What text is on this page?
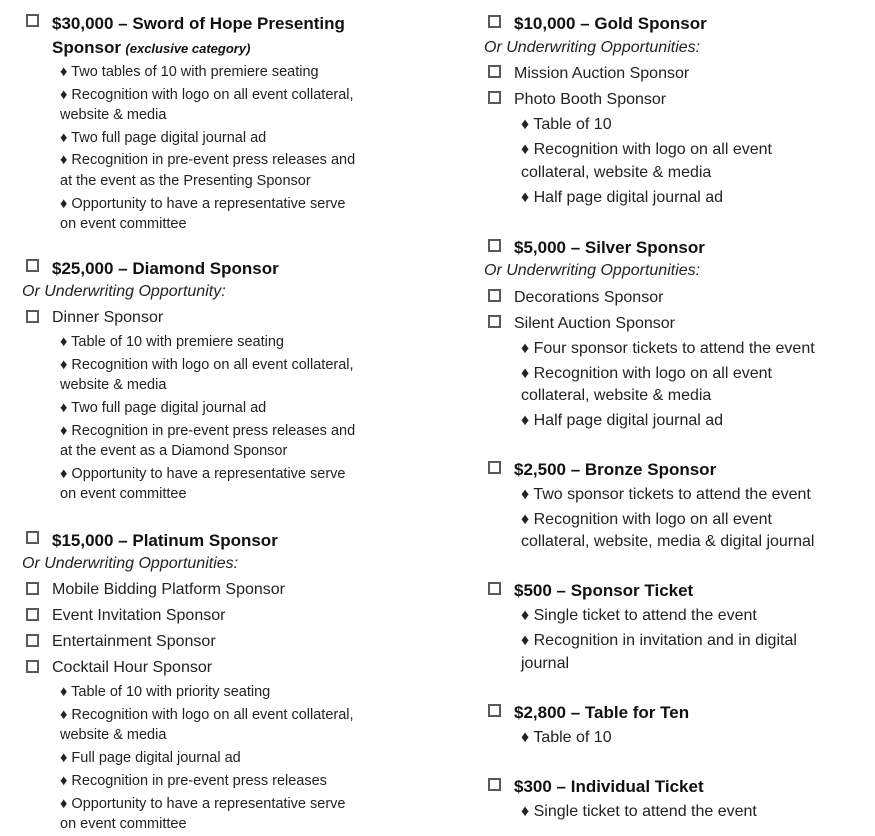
$30,000 – Sword of Hope Presenting
Sponsor (exclusive category)
♦ Two tables of 10 with premiere seating
♦ Recognition with logo on all event collateral,
website & media
♦ Two full page digital journal ad
♦ Recognition in pre-event press releases and
at the event as the Presenting Sponsor
♦ Opportunity to have a representative serve
on event committee
$25,000 – Diamond Sponsor
Or Underwriting Opportunity:
Dinner Sponsor
♦ Table of 10 with premiere seating
♦ Recognition with logo on all event collateral,
website & media
♦ Two full page digital journal ad
♦ Recognition in pre-event press releases and
at the event as a Diamond Sponsor
♦ Opportunity to have a representative serve
on event committee
$15,000 – Platinum Sponsor
Or Underwriting Opportunities:
Mobile Bidding Platform Sponsor
Event Invitation Sponsor
Entertainment Sponsor
Cocktail Hour Sponsor
♦ Table of 10 with priority seating
♦ Recognition with logo on all event collateral,
website & media
♦ Full page digital journal ad
♦ Recognition in pre-event press releases
♦ Opportunity to have a representative serve
on event committee
$10,000 – Gold Sponsor
Or Underwriting Opportunities:
Mission Auction Sponsor
Photo Booth Sponsor
♦ Table of 10
♦ Recognition with logo on all event
collateral, website & media
♦ Half page digital journal ad
$5,000 – Silver Sponsor
Or Underwriting Opportunities:
Decorations Sponsor
Silent Auction Sponsor
♦ Four sponsor tickets to attend the event
♦ Recognition with logo on all event
collateral, website & media
♦ Half page digital journal ad
$2,500 – Bronze Sponsor
♦ Two sponsor tickets to attend the event
♦ Recognition with logo on all event
collateral, website, media & digital journal
$500 – Sponsor Ticket
♦ Single ticket to attend the event
♦ Recognition in invitation and in digital
journal
$2,800 – Table for Ten
♦ Table of 10
$300 – Individual Ticket
♦ Single ticket to attend the event
